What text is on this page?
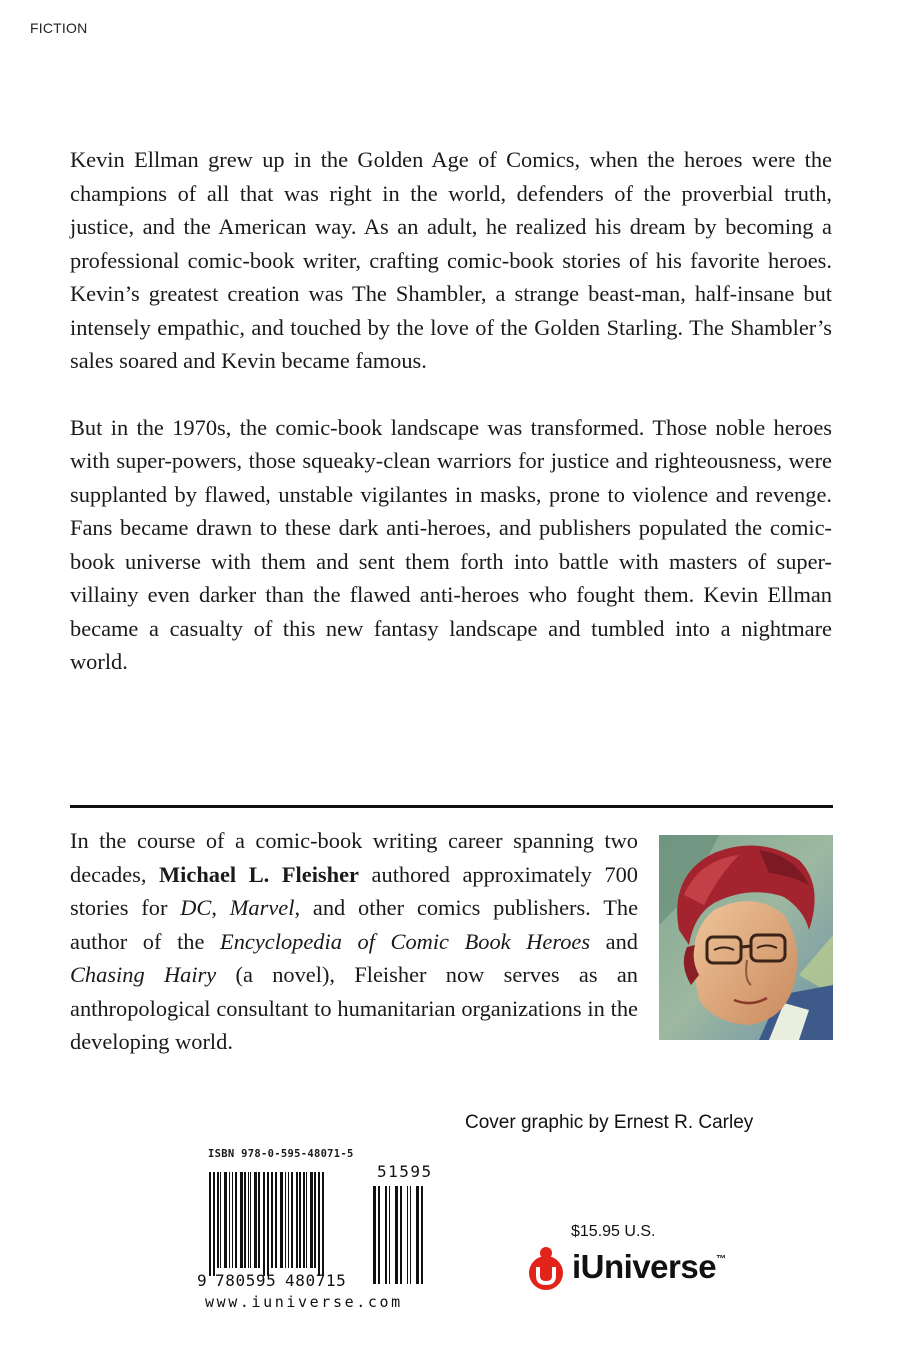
FICTION

Kevin Ellman grew up in the Golden Age of Comics, when the heroes were the champions of all that was right in the world, defenders of the proverbial truth, justice, and the American way. As an adult, he realized his dream by becoming a professional comic-book writer, crafting comic-book stories of his favorite heroes. Kevin’s greatest creation was The Shambler, a strange beast-man, half-insane but intensely empathic, and touched by the love of the Golden Starling. The Shambler’s sales soared and Kevin became famous.

But in the 1970s, the comic-book landscape was transformed. Those noble heroes with super-powers, those squeaky-clean warriors for justice and righteousness, were supplanted by flawed, unstable vigilantes in masks, prone to violence and revenge. Fans became drawn to these dark anti-heroes, and publishers populated the comic-book universe with them and sent them forth into battle with masters of super-villainy even darker than the flawed anti-heroes who fought them. Kevin Ellman became a casualty of this new fantasy landscape and tumbled into a nightmare world.

In the course of a comic-book writing career spanning two decades, Michael L. Fleisher authored approximately 700 stories for DC, Marvel, and other comics publishers. The author of the Encyclopedia of Comic Book Heroes and Chasing Hairy (a novel), Fleisher now serves as an anthropological consultant to humanitarian organizations in the developing world.
Cover graphic by Ernest R. Carley
ISBN 978-0-595-48071-5
9 780595 480715
51595
www.iuniverse.com
$15.95 U.S.
iUniverse™
